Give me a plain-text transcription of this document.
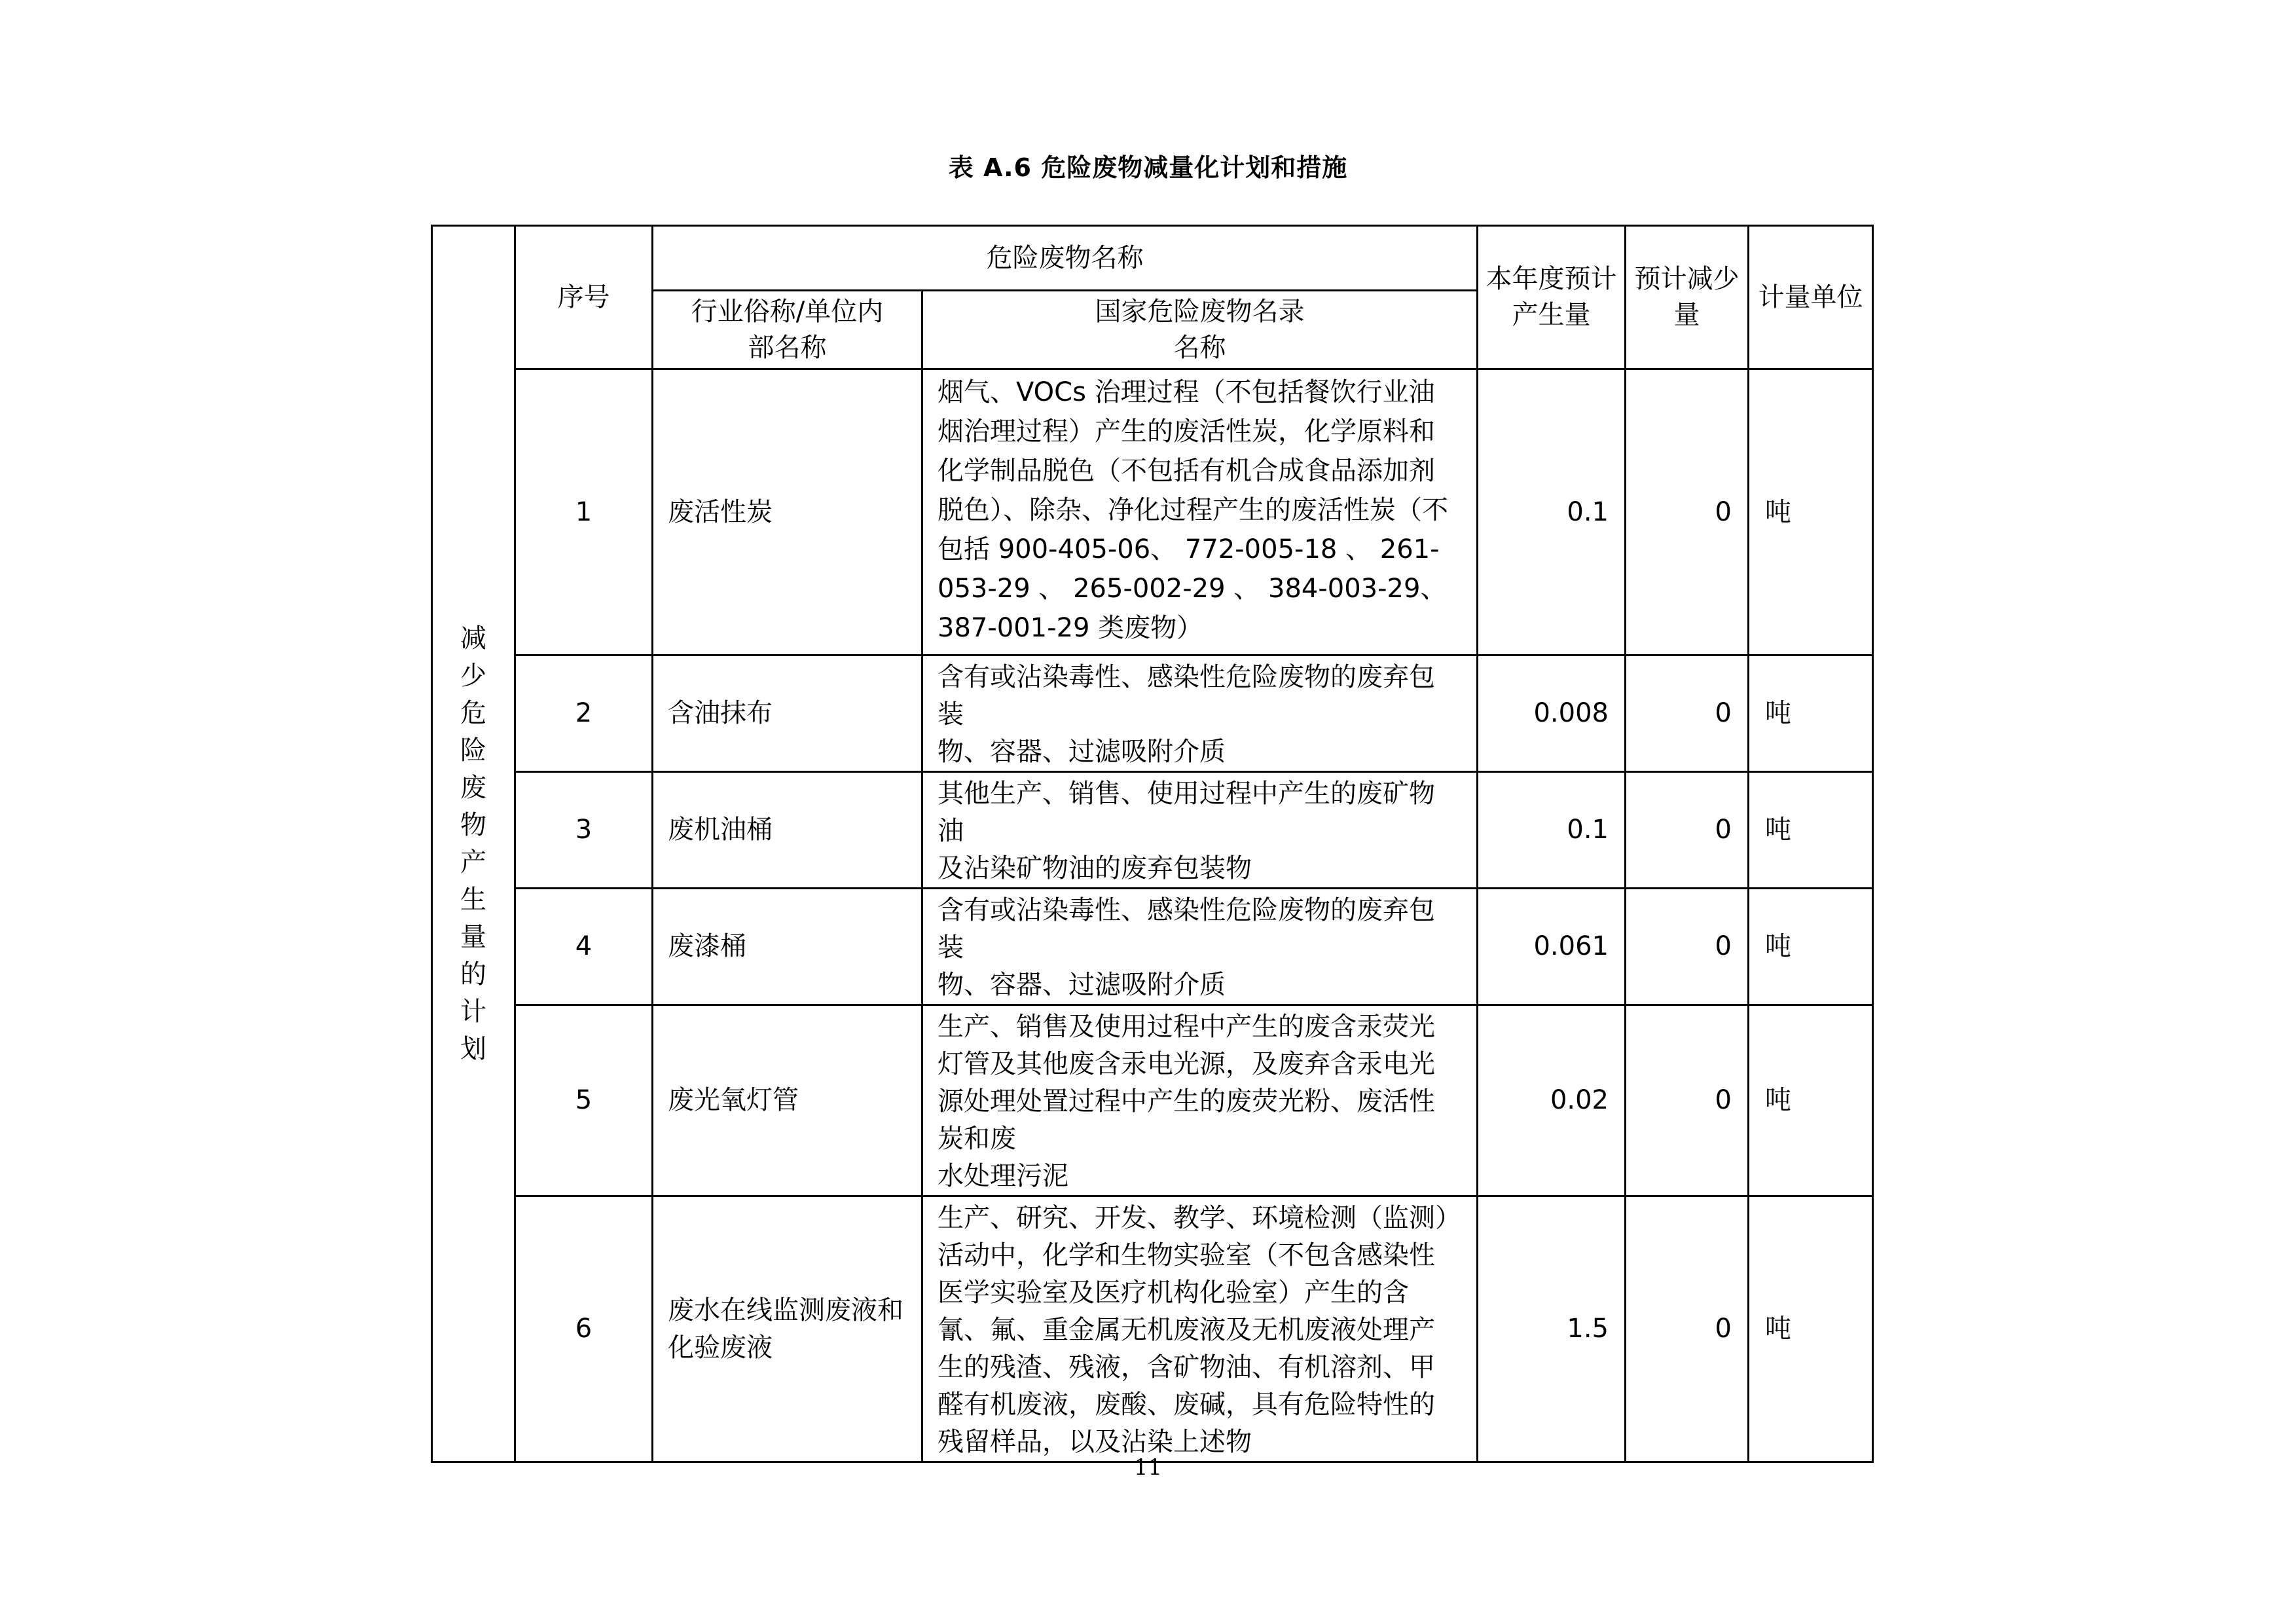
表 A.6 危险废物减量化计划和措施
减少危险废物产生量的计划	序号	危险废物名称		本年度预计产生量	预计减少量	计量单位
		行业俗称/单位内部名称	国家危险废物名录名称			
	1	废活性炭	烟气、VOCs 治理过程（不包括餐饮行业油烟治理过程）产生的废活性炭，化学原料和化学制品脱色（不包括有机合成食品添加剂脱色）、除杂、净化过程产生的废活性炭（不包括 900-405-06、 772-005-18 、 261-053-29 、 265-002-29 、 384-003-29、387-001-29 类废物）	0.1	0	吨
	2	含油抹布	含有或沾染毒性、感染性危险废物的废弃包装
物、容器、过滤吸附介质	0.008	0	吨
	3	废机油桶	其他生产、销售、使用过程中产生的废矿物油
及沾染矿物油的废弃包装物	0.1	0	吨
	4	废漆桶	含有或沾染毒性、感染性危险废物的废弃包装
物、容器、过滤吸附介质	0.061	0	吨
	5	废光氧灯管	生产、销售及使用过程中产生的废含汞荧光灯管及其他废含汞电光源，及废弃含汞电光源处理处置过程中产生的废荧光粉、废活性炭和废
水处理污泥	0.02	0	吨
	6	废水在线监测废液和化验废液	生产、研究、开发、教学、环境检测（监测）活动中，化学和生物实验室（不包含感染性医学实验室及医疗机构化验室）产生的含氰、氟、重金属无机废液及无机废液处理产生的残渣、残液，含矿物油、有机溶剂、甲醛有机废液，废酸、废碱，具有危险特性的残留样品，以及沾染上述物	1.5	0	吨
11
